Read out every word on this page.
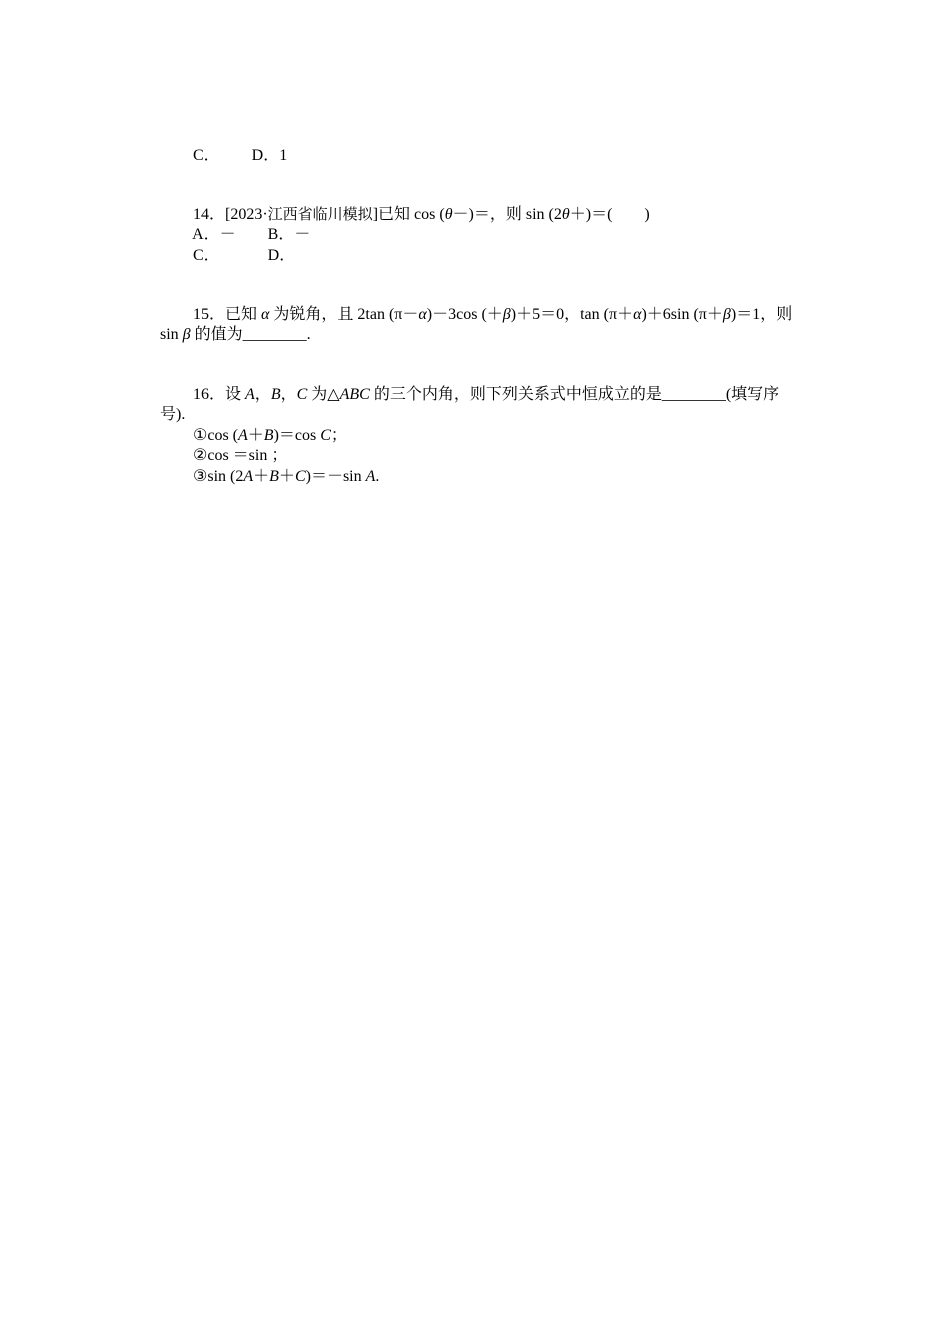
C．        D．1

14．[2023·江西省临川模拟]已知 cos (θ－)＝，则 sin (2θ＋)＝(        )

A．－        B．－

C．            D．

15．已知 α 为锐角，且 2tan (π－α)－3cos (＋β)＋5＝0，tan (π＋α)＋6sin (π＋β)＝1，则

sin β 的值为________.

16．设 A，B，C 为△ABC 的三个内角，则下列关系式中恒成立的是________(填写序

号).

①cos (A＋B)＝cos C；

②cos ＝sin ；

③sin (2A＋B＋C)＝－sin A.
